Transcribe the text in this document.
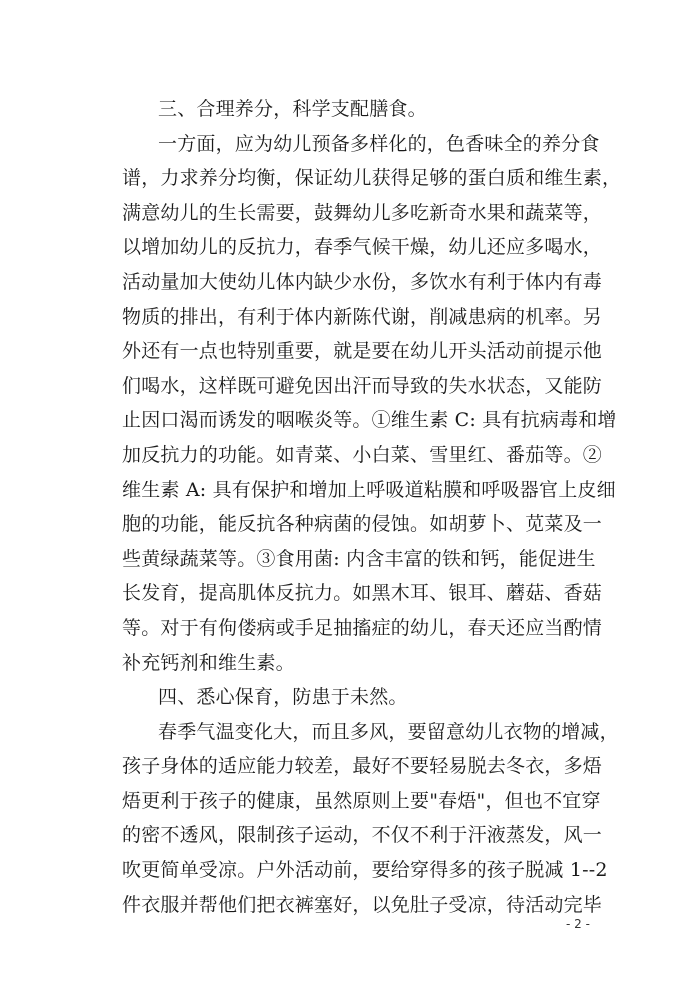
三、合理养分，科学支配膳食。
一方面，应为幼儿预备多样化的，色香味全的养分食
谱，力求养分均衡，保证幼儿获得足够的蛋白质和维生素，
满意幼儿的生长需要，鼓舞幼儿多吃新奇水果和蔬菜等，
以增加幼儿的反抗力，春季气候干燥，幼儿还应多喝水，
活动量加大使幼儿体内缺少水份，多饮水有利于体内有毒
物质的排出，有利于体内新陈代谢，削减患病的机率。另
外还有一点也特别重要，就是要在幼儿开头活动前提示他
们喝水，这样既可避免因出汗而导致的失水状态，又能防
止因口渴而诱发的咽喉炎等。①维生素 C: 具有抗病毒和增
加反抗力的功能。如青菜、小白菜、雪里红、番茄等。②
维生素 A: 具有保护和增加上呼吸道粘膜和呼吸器官上皮细
胞的功能，能反抗各种病菌的侵蚀。如胡萝卜、苋菜及一
些黄绿蔬菜等。③食用菌: 内含丰富的铁和钙，能促进生
长发育，提高肌体反抗力。如黑木耳、银耳、蘑菇、香菇
等。对于有佝偻病或手足抽搐症的幼儿，春天还应当酌情
补充钙剂和维生素。
四、悉心保育，防患于未然。
春季气温变化大，而且多风，要留意幼儿衣物的增减，
孩子身体的适应能力较差，最好不要轻易脱去冬衣，多焐
焐更利于孩子的健康，虽然原则上要"春焐"，但也不宜穿
的密不透风，限制孩子运动，不仅不利于汗液蒸发，风一
吹更简单受凉。户外活动前，要给穿得多的孩子脱减 1--2
件衣服并帮他们把衣裤塞好，以免肚子受凉，待活动完毕
- 2 -
